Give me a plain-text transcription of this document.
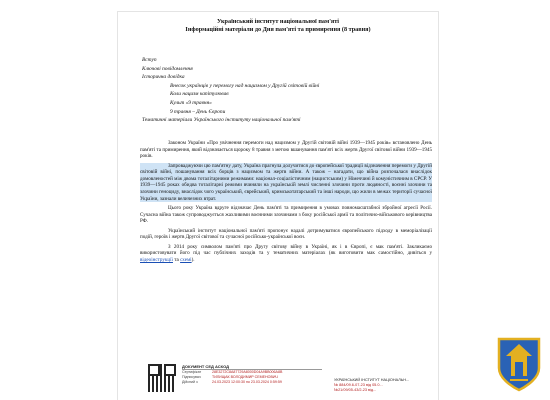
Український інститут національної пам'яті
Інформаційні матеріали до Дня пам'яті та примирення (8 травня)
Вступ
Ключові повідомлення
Історична довідка
Внесок українців у перемогу над нацизмом у Другій світовій війні
Коли нацизм капітулював
Культ «9 травня»
9 травня – День Європи
Тематичні матеріали Українського інституту національної пам'яті

Законом України «Про увічнення перемоги над нацизмом у Другій світовій війні 1939—1945 років» встановлено День пам'яті та примирення, який відзначається щороку 8 травня з метою вшанування пам'яті всіх жертв Другої світової війни 1939—1945 років.

Запроваджуючи цю пам'ятну дату, Україна прагнула долучитися до європейської традиції відзначення перемоги у Другій світовій війні, пошанування всіх борців з нацизмом та жертв війни. А також – нагадати, що війна розпочалася внаслідок домовленостей між двома тоталітарними режимами: націонал-соціалістичним (нацистським) у Німеччині й комуністичним в СРСР. У 1939—1945 роках обидва тоталітарні режими вчиняли на українській землі численні злочини проти людяності, воєнні злочини та злочини геноциду, внаслідок чого український, єврейський, кримськотатарський та інші народи, що жили в межах території сучасної України, зазнали величезних втрат.

Цього року Україна вдруге відзначає День пам'яті та примирення в умовах повномасштабної збройної агресії Росії. Сучасна війна також супроводжується жахливими воєнними злочинами з боку російської армії та політично-військового керівництва РФ.

Український інститут національної пам'яті пропонує надалі дотримуватися європейського підходу в меморіалізації подій, героїв і жертв Другої світової та сучасної російсько-української воєн.

З 2014 року символом пам'яті про Другу світову війну в Україні, як і в Європі, є мак пам'яті. Закликаємо використовувати його під час публічних заходів та у тематичних матеріалах (як виготовити мак самостійно, дивіться у відеоінструкції та схемі).

ДОКУМЕНТ СЕД АСКОД
Сертифікат	28E3272C8A87729A8000D04A9BB006A8B
Підписувач	ТИЛИЩАК ВОЛОДИМИР СЕМЕНОВИЧ
Дійсний з	24.03.2023 12:00:30 по 23.03.2024 0:59:59	УКРАЇНСЬКИЙ ІНСТИТУТ НАЦІОНАЛЬН...
№ 884/09.6-07-23 від 05.0...
№21/09/05-43/2-23 від...
